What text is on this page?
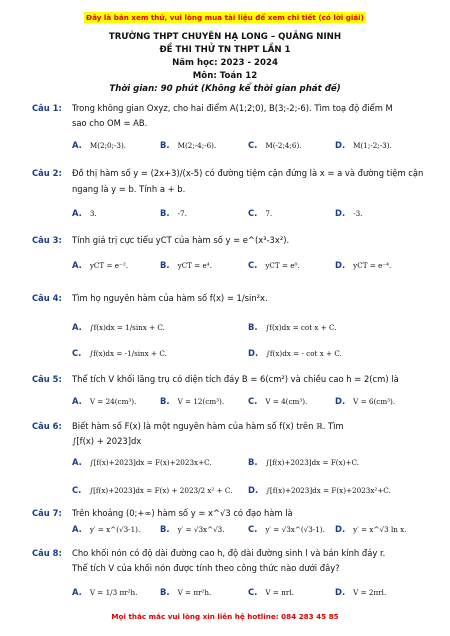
Đây là bản xem thử, vui lòng mua tài liệu để xem chi tiết (có lời giải)
TRƯỜNG THPT CHUYÊN HẠ LONG – QUẢNG NINH
ĐỀ THI THỬ TN THPT LẦN 1
Năm học: 2023 - 2024
Môn: Toán 12
Thời gian: 90 phút (Không kể thời gian phát đề)
Câu 1: Trong không gian Oxyz, cho hai điểm A(1;2;0), B(3;-2;-6). Tìm toạ độ điểm M
sao cho OM = AB.
A. M(2;0;-3).	B. M(2;-4;-6).	C. M(-2;4;6).	D. M(1;-2;-3).
Câu 2: Đồ thị hàm số y = (2x+3)/(x-5) có đường tiệm cận đứng là x = a và đường tiệm cận
ngang là y = b. Tính a + b.
A. 3.	B. -7.	C. 7.	D. -3.
Câu 3: Tính giá trị cực tiểu yCT của hàm số y = e^(x³-3x²).
A. yCT = e⁻².	B. yCT = e⁴.	C. yCT = e⁰.	D. yCT = e⁻⁴.
Câu 4: Tìm họ nguyên hàm của hàm số f(x) = 1/sin²x.
A. ∫f(x)dx = 1/sinx + C.	B. ∫f(x)dx = cot x + C.
C. ∫f(x)dx = -1/sinx + C.	D. ∫f(x)dx = - cot x + C.
Câu 5: Thể tích V khối lăng trụ có diện tích đáy B = 6(cm²) và chiều cao h = 2(cm) là
A. V = 24(cm³).	B. V = 12(cm³).	C. V = 4(cm³).	D. V = 6(cm³).
Câu 6: Biết hàm số F(x) là một nguyên hàm của hàm số f(x) trên ℝ. Tìm
∫[f(x) + 2023]dx
A. ∫[f(x)+2023]dx = F(x)+2023x+C.	B. ∫[f(x)+2023]dx = F(x)+C.
C. ∫[f(x)+2023]dx = F(x) + 2023/2 x² + C. D. ∫[f(x)+2023]dx = F(x)+2023x²+C.
Câu 7: Trên khoảng (0;+∞) hàm số y = x^√3 có đạo hàm là
A. y′ = x^(√3-1). B. y′ = √3x^√3.	C. y′ = √3x^(√3-1). D. y′ = x^√3 ln x.
Câu 8: Cho khối nón có độ dài đường cao h, độ dài đường sinh l và bán kính đáy r.
Thể tích V của khối nón được tính theo công thức nào dưới đây?
A. V = 1/3 πr²h.	B. V = πr²h.	C. V = πrl.	D. V = 2πrl.
Mọi thắc mắc vui lòng xin liên hệ hotline: 084 283 45 85
